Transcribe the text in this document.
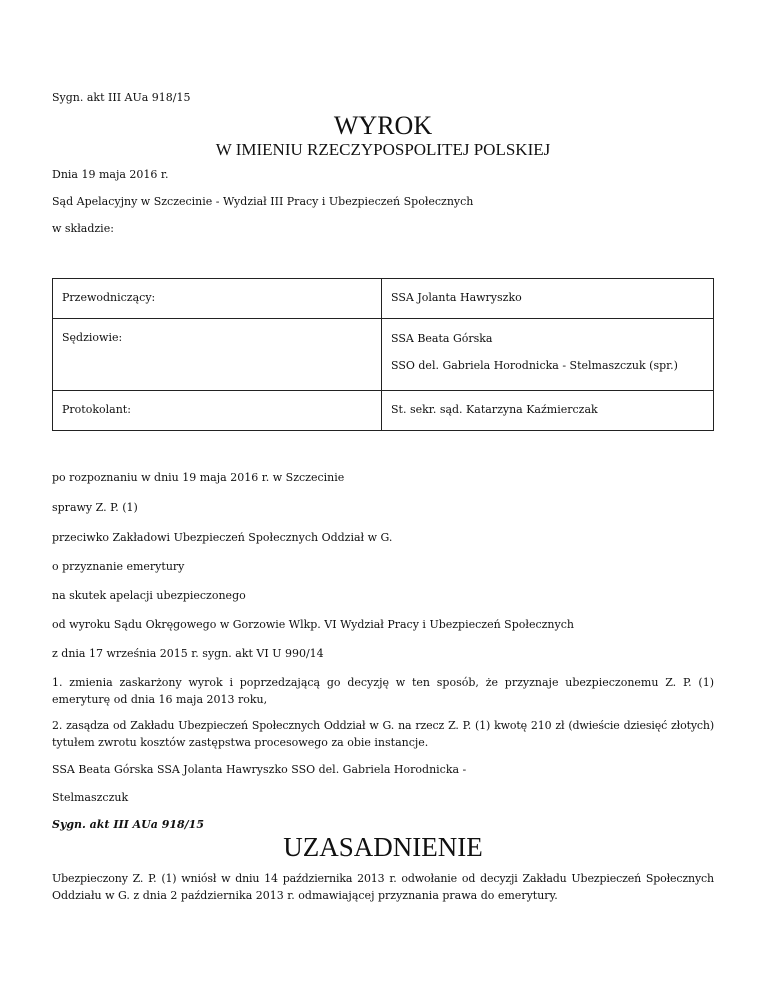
Sygn. akt III AUa 918/15
WYROK
W IMIENIU RZECZYPOSPOLITEJ POLSKIEJ
Dnia 19 maja 2016 r.
Sąd Apelacyjny w Szczecinie - Wydział III Pracy i Ubezpieczeń Społecznych
w składzie:
Przewodniczący:	SSA Jolanta Hawryszko
Sędziowie:	SSA Beata Górska
SSO del. Gabriela Horodnicka - Stelmaszczuk (spr.)

Protokolant:	St. sekr. sąd. Katarzyna Kaźmierczak
po rozpoznaniu w dniu 19 maja 2016 r. w Szczecinie
sprawy Z. P. (1)
przeciwko Zakładowi Ubezpieczeń Społecznych Oddział w G.
o przyznanie emerytury
na skutek apelacji ubezpieczonego
od wyroku Sądu Okręgowego w Gorzowie Wlkp. VI Wydział Pracy i Ubezpieczeń Społecznych
z dnia 17 września 2015 r. sygn. akt VI U 990/14
1. zmienia zaskarżony wyrok i poprzedzającą go decyzję w ten sposób, że przyznaje ubezpieczonemu Z. P. (1)
emeryturę od dnia 16 maja 2013 roku,
2. zasądza od Zakładu Ubezpieczeń Społecznych Oddział w G. na rzecz Z. P. (1) kwotę 210 zł (dwieście dziesięć złotych)
tytułem zwrotu kosztów zastępstwa procesowego za obie instancje.
SSA Beata Górska SSA Jolanta Hawryszko SSO del. Gabriela Horodnicka -
Stelmaszczuk
Sygn. akt III AUa 918/15
UZASADNIENIE
Ubezpieczony Z. P. (1) wniósł w dniu 14 października 2013 r. odwołanie od decyzji Zakładu Ubezpieczeń Społecznych
Oddziału w G. z dnia 2 października 2013 r. odmawiającej przyznania prawa do emerytury.
